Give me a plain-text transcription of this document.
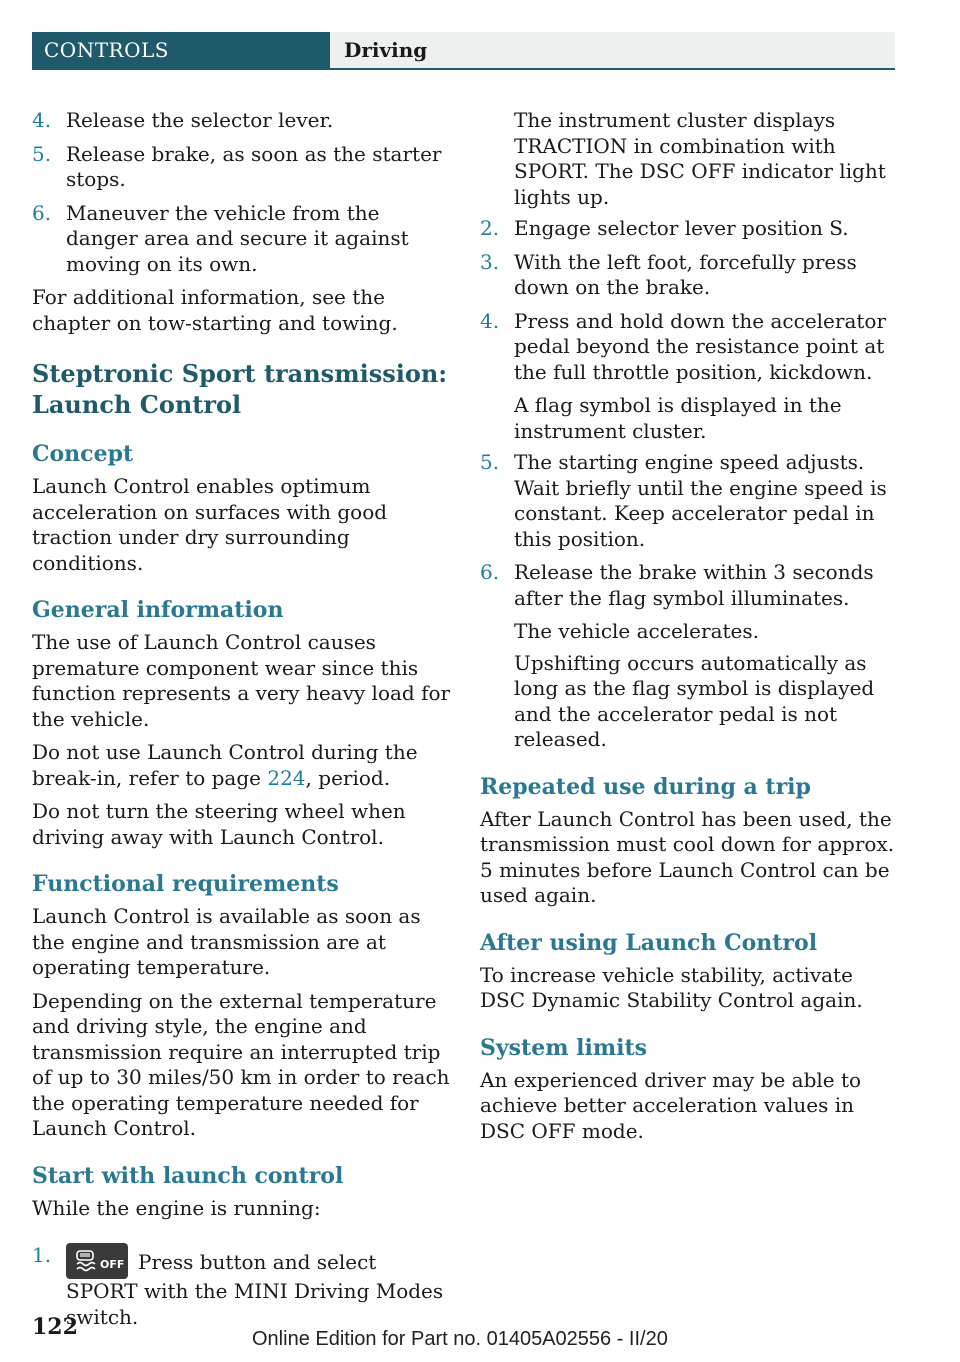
CONTROLS	Driving
4. Release the selector lever.
5. Release brake, as soon as the starter stops.
6. Maneuver the vehicle from the danger area and secure it against moving on its own.

For additional information, see the chapter on tow-starting and towing.

Steptronic Sport transmission: Launch Control
Concept

Launch Control enables optimum acceleration on surfaces with good traction under dry surrounding conditions.

General information

The use of Launch Control causes premature component wear since this function represents a very heavy load for the vehicle.

Do not use Launch Control during the break-in, refer to page 224, period.

Do not turn the steering wheel when driving away with Launch Control.

Functional requirements

Launch Control is available as soon as the engine and transmission are at operating temperature.

Depending on the external temperature and driving style, the engine and transmission require an interrupted trip of up to 30 miles/50 km in order to reach the operating temperature needed for Launch Control.

Start with launch control

While the engine is running:

1.	OFF Press button and select SPORT with the MINI Driving Modes switch.

The instrument cluster displays TRACTION in combination with SPORT. The DSC OFF indicator light lights up.

2. Engage selector lever position S.
3. With the left foot, forcefully press down on the brake.
4. Press and hold down the accelerator pedal beyond the resistance point at the full throttle position, kickdown.

A flag symbol is displayed in the instrument cluster.

5. The starting engine speed adjusts. Wait briefly until the engine speed is constant. Keep accelerator pedal in this position.
6. Release the brake within 3 seconds after the flag symbol illuminates.

The vehicle accelerates.

Upshifting occurs automatically as long as the flag symbol is displayed and the accelerator pedal is not released.

Repeated use during a trip

After Launch Control has been used, the transmission must cool down for approx. 5 minutes before Launch Control can be used again.

After using Launch Control

To increase vehicle stability, activate DSC Dynamic Stability Control again.

System limits

An experienced driver may be able to achieve better acceleration values in DSC OFF mode.

122	Online Edition for Part no. 01405A02556 - II/20
